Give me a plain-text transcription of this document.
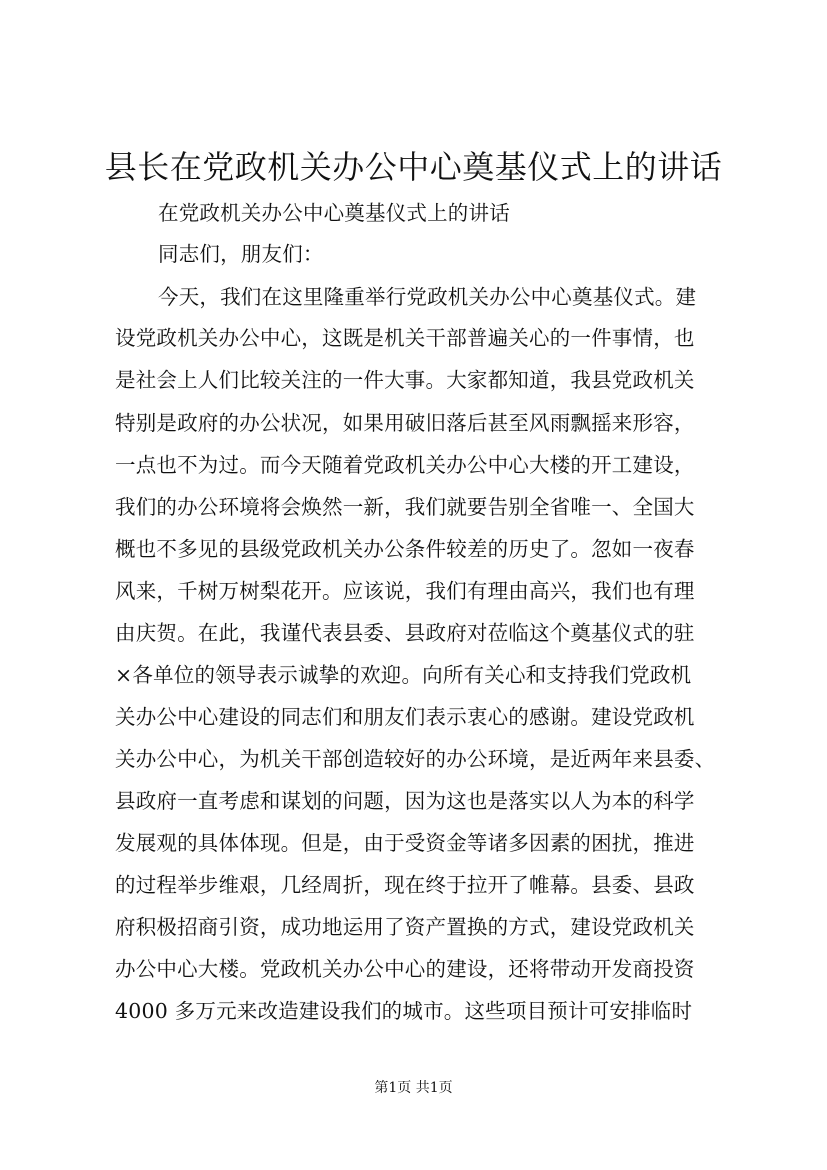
县长在党政机关办公中心奠基仪式上的讲话
在党政机关办公中心奠基仪式上的讲话
同志们，朋友们：
今天，我们在这里隆重举行党政机关办公中心奠基仪式。建
设党政机关办公中心，这既是机关干部普遍关心的一件事情，也
是社会上人们比较关注的一件大事。大家都知道，我县党政机关
特别是政府的办公状况，如果用破旧落后甚至风雨飘摇来形容，
一点也不为过。而今天随着党政机关办公中心大楼的开工建设，
我们的办公环境将会焕然一新，我们就要告别全省唯一、全国大
概也不多见的县级党政机关办公条件较差的历史了。忽如一夜春
风来，千树万树梨花开。应该说，我们有理由高兴，我们也有理
由庆贺。在此，我谨代表县委、县政府对莅临这个奠基仪式的驻
×各单位的领导表示诚挚的欢迎。向所有关心和支持我们党政机
关办公中心建设的同志们和朋友们表示衷心的感谢。建设党政机
关办公中心，为机关干部创造较好的办公环境，是近两年来县委、
县政府一直考虑和谋划的问题，因为这也是落实以人为本的科学
发展观的具体体现。但是，由于受资金等诸多因素的困扰，推进
的过程举步维艰，几经周折，现在终于拉开了帷幕。县委、县政
府积极招商引资，成功地运用了资产置换的方式，建设党政机关
办公中心大楼。党政机关办公中心的建设，还将带动开发商投资
4000 多万元来改造建设我们的城市。这些项目预计可安排临时
第1页 共1页
